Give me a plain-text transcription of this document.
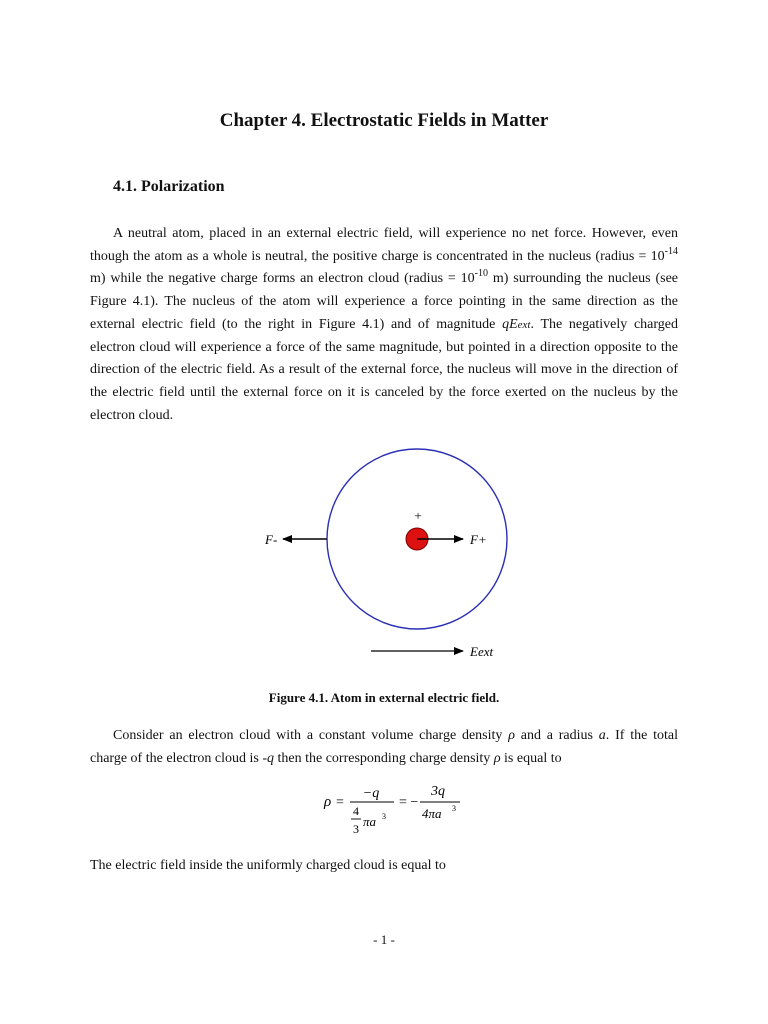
Chapter 4. Electrostatic Fields in Matter
4.1. Polarization
A neutral atom, placed in an external electric field, will experience no net force. However, even though the atom as a whole is neutral, the positive charge is concentrated in the nucleus (radius = $10^{-14}$ m) while the negative charge forms an electron cloud (radius = $10^{-10}$ m) surrounding the nucleus (see Figure 4.1). The nucleus of the atom will experience a force pointing in the same direction as the external electric field (to the right in Figure 4.1) and of magnitude qEext. The negatively charged electron cloud will experience a force of the same magnitude, but pointed in a direction opposite to the direction of the electric field. As a result of the external force, the nucleus will move in the direction of the electric field until the external force on it is canceled by the force exerted on the nucleus by the electron cloud.
+
F-	F+
Eext
Figure 4.1. Atom in external electric field.
Consider an electron cloud with a constant volume charge density ρ and a radius a. If the total charge of the electron cloud is -q then the corresponding charge density ρ is equal to
ρ =
−q
4
3 πa 3
= −
3q
4πa 3
The electric field inside the uniformly charged cloud is equal to
- 1 -
